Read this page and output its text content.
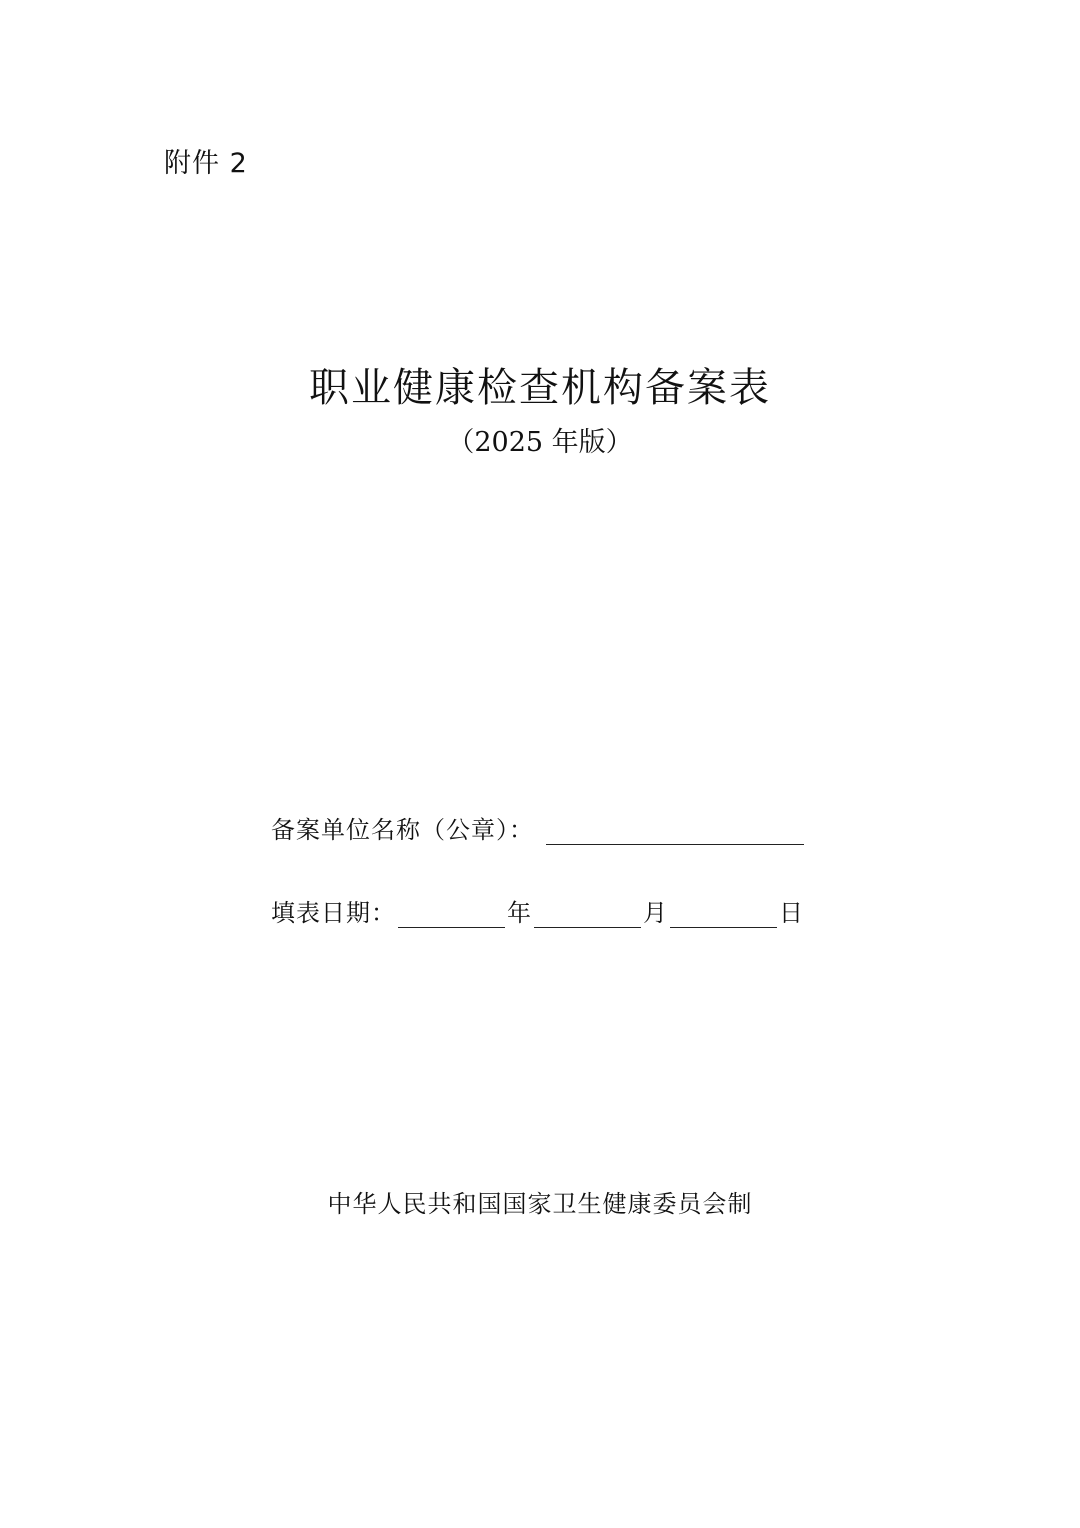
附件 2
职业健康检查机构备案表
（2025 年版）
备案单位名称（公章）：
填表日期：	年	月	日
中华人民共和国国家卫生健康委员会制
